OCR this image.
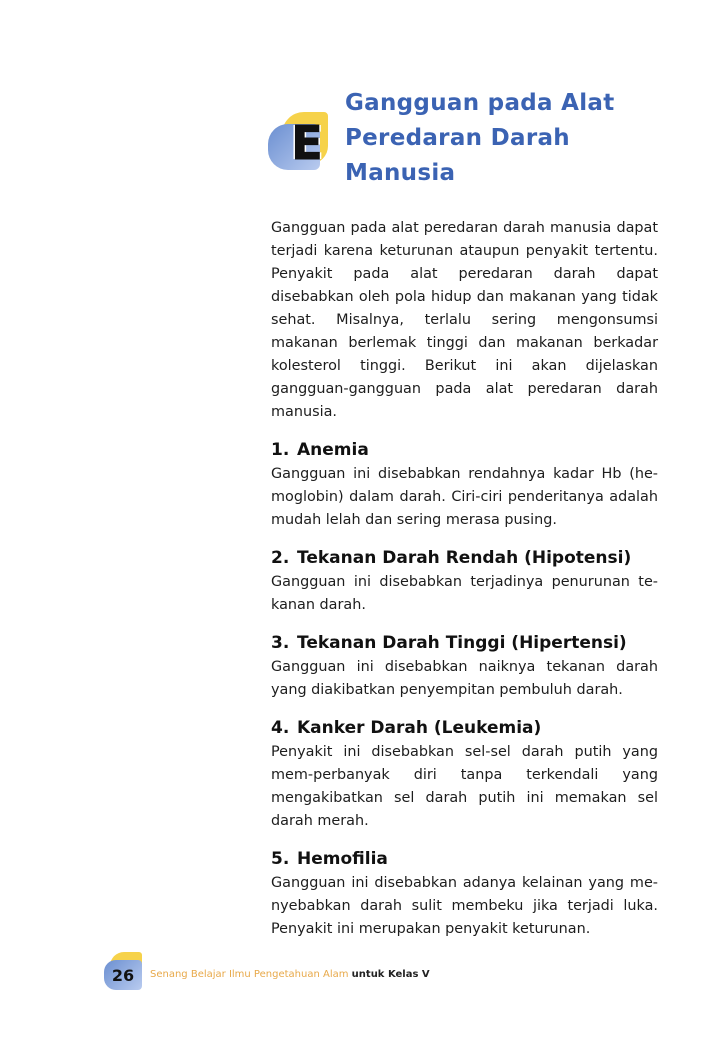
E
Gangguan pada Alat
Peredaran Darah
Manusia

Gangguan pada alat peredaran darah manusia dapat terjadi karena keturunan ataupun penyakit tertentu. Penyakit pada alat peredaran darah dapat disebabkan oleh pola hidup dan makanan yang tidak sehat. Misalnya, terlalu sering mengonsumsi makanan berlemak tinggi dan makanan berkadar kolesterol tinggi. Berikut ini akan dijelaskan gangguan-gangguan pada alat peredaran darah manusia.

1. Anemia

Gangguan ini disebabkan rendahnya kadar Hb (he-moglobin) dalam darah. Ciri-ciri penderitanya adalah mudah lelah dan sering merasa pusing.

2. Tekanan Darah Rendah (Hipotensi)

Gangguan ini disebabkan terjadinya penurunan te-kanan darah.

3. Tekanan Darah Tinggi (Hipertensi)

Gangguan ini disebabkan naiknya tekanan darah yang diakibatkan penyempitan pembuluh darah.

4. Kanker Darah (Leukemia)

Penyakit ini disebabkan sel-sel darah putih yang mem-perbanyak diri tanpa terkendali yang mengakibatkan sel darah putih ini memakan sel darah merah.

5. Hemofilia

Gangguan ini disebabkan adanya kelainan yang me-nyebabkan darah sulit membeku jika terjadi luka. Penyakit ini merupakan penyakit keturunan.

26	Senang Belajar Ilmu Pengetahuan Alam untuk Kelas V
